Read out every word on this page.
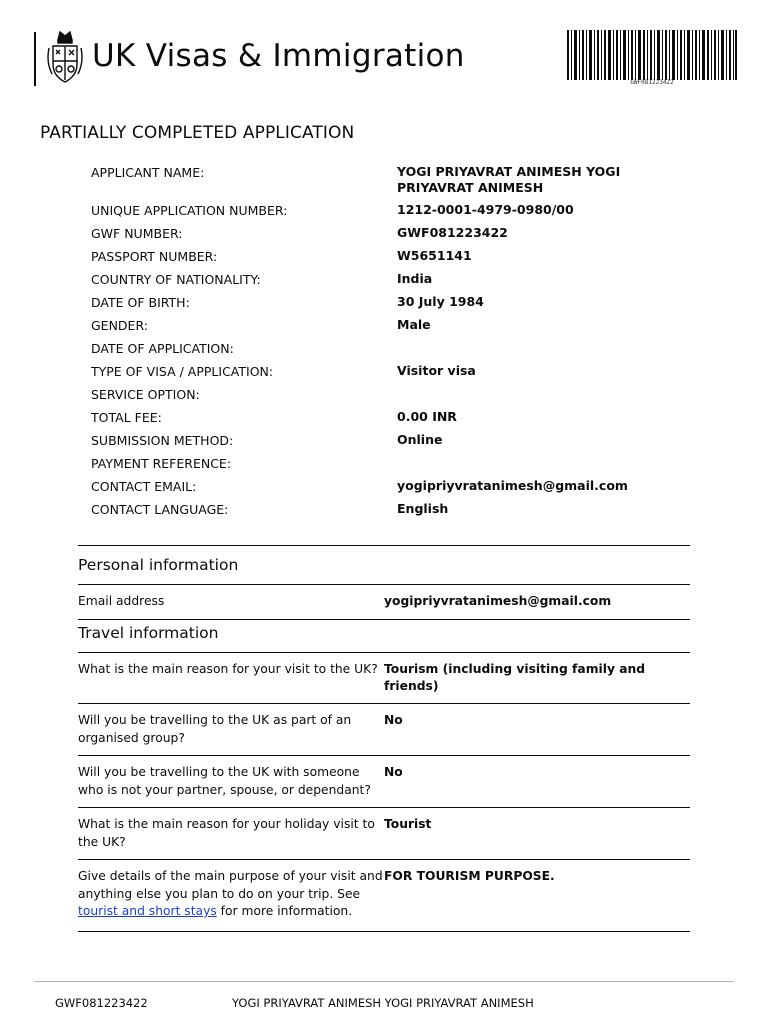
UK Visas & Immigration
GWF081223422
PARTIALLY COMPLETED APPLICATION
APPLICANT NAME:	YOGI PRIYAVRAT ANIMESH YOGI PRIYAVRAT ANIMESH
UNIQUE APPLICATION NUMBER:	1212-0001-4979-0980/00
GWF NUMBER:	GWF081223422
PASSPORT NUMBER:	W5651141
COUNTRY OF NATIONALITY:	India
DATE OF BIRTH:	30 July 1984
GENDER:	Male
DATE OF APPLICATION:
TYPE OF VISA / APPLICATION:	Visitor visa
SERVICE OPTION:
TOTAL FEE:	0.00 INR
SUBMISSION METHOD:	Online
PAYMENT REFERENCE:
CONTACT EMAIL:	yogipriyvratanimesh@gmail.com
CONTACT LANGUAGE:	English
Personal information
Email address	yogipriyvratanimesh@gmail.com
Travel information
What is the main reason for your visit to the UK? Tourism (including visiting family and friends)
Will you be travelling to the UK as part of an organised group?
No
Will you be travelling to the UK with someone who is not your partner, spouse, or dependant?
No
What is the main reason for your holiday visit to the UK?
Tourist
Give details of the main purpose of your visit and anything else you plan to do on your trip. See tourist and short stays for more information.
FOR TOURISM PURPOSE.
GWF081223422	YOGI PRIYAVRAT ANIMESH YOGI PRIYAVRAT ANIMESH
